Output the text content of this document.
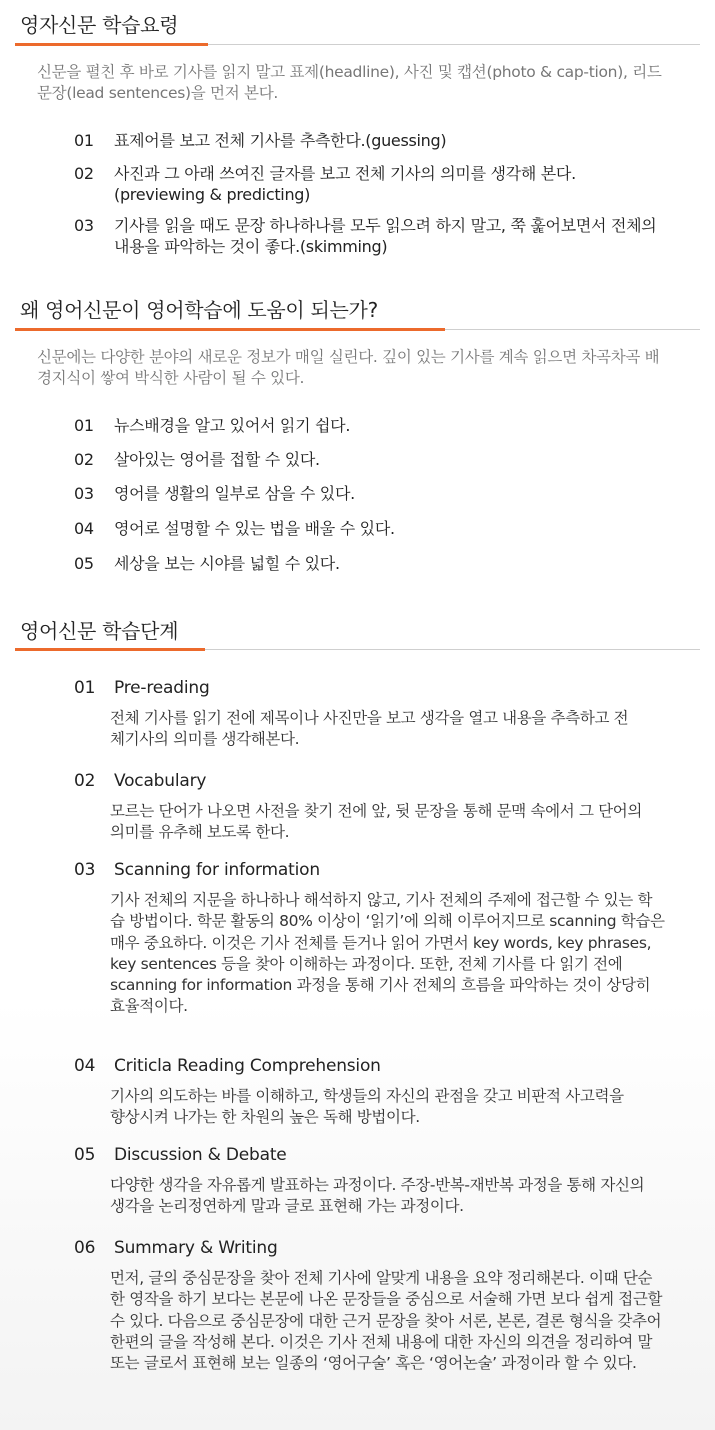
영자신문 학습요령
신문을 펼친 후 바로 기사를 읽지 말고 표제(headline), 사진 및 캡션(photo & cap-tion), 리드 문장(lead sentences)을 먼저 본다.
01	표제어를 보고 전체 기사를 추측한다.(guessing)
02	사진과 그 아래 쓰여진 글자를 보고 전체 기사의 의미를 생각해 본다. (previewing & predicting)
03	기사를 읽을 때도 문장 하나하나를 모두 읽으려 하지 말고, 쭉 훑어보면서 전체의 내용을 파악하는 것이 좋다.(skimming)
왜 영어신문이 영어학습에 도움이 되는가?
신문에는 다양한 분야의 새로운 정보가 매일 실린다. 깊이 있는 기사를 계속 읽으면 차곡차곡 배경지식이 쌓여 박식한 사람이 될 수 있다.
01	뉴스배경을 알고 있어서 읽기 쉽다.
02	살아있는 영어를 접할 수 있다.
03	영어를 생활의 일부로 삼을 수 있다.
04	영어로 설명할 수 있는 법을 배울 수 있다.
05	세상을 보는 시야를 넓힐 수 있다.
영어신문 학습단계
01	Pre-reading
전체 기사를 읽기 전에 제목이나 사진만을 보고 생각을 열고 내용을 추측하고 전체기사의 의미를 생각해본다.
02	Vocabulary
모르는 단어가 나오면 사전을 찾기 전에 앞, 뒷 문장을 통해 문맥 속에서 그 단어의 의미를 유추해 보도록 한다.
03	Scanning for information
기사 전체의 지문을 하나하나 해석하지 않고, 기사 전체의 주제에 접근할 수 있는 학습 방법이다. 학문 활동의 80% 이상이 ‘읽기’에 의해 이루어지므로 scanning 학습은 매우 중요하다. 이것은 기사 전체를 듣거나 읽어 가면서 key words, key phrases, key sentences 등을 찾아 이해하는 과정이다. 또한, 전체 기사를 다 읽기 전에 scanning for information 과정을 통해 기사 전체의 흐름을 파악하는 것이 상당히 효율적이다.
04	Criticla Reading Comprehension
기사의 의도하는 바를 이해하고, 학생들의 자신의 관점을 갖고 비판적 사고력을 향상시켜 나가는 한 차원의 높은 독해 방법이다.
05	Discussion & Debate
다양한 생각을 자유롭게 발표하는 과정이다. 주장-반복-재반복 과정을 통해 자신의 생각을 논리정연하게 말과 글로 표현해 가는 과정이다.
06	Summary & Writing
먼저, 글의 중심문장을 찾아 전체 기사에 알맞게 내용을 요약 정리해본다. 이때 단순한 영작을 하기 보다는 본문에 나온 문장들을 중심으로 서술해 가면 보다 쉽게 접근할 수 있다. 다음으로 중심문장에 대한 근거 문장을 찾아 서론, 본론, 결론 형식을 갖추어 한편의 글을 작성해 본다. 이것은 기사 전체 내용에 대한 자신의 의견을 정리하여 말 또는 글로서 표현해 보는 일종의 ‘영어구술’ 혹은 ‘영어논술’ 과정이라 할 수 있다.
